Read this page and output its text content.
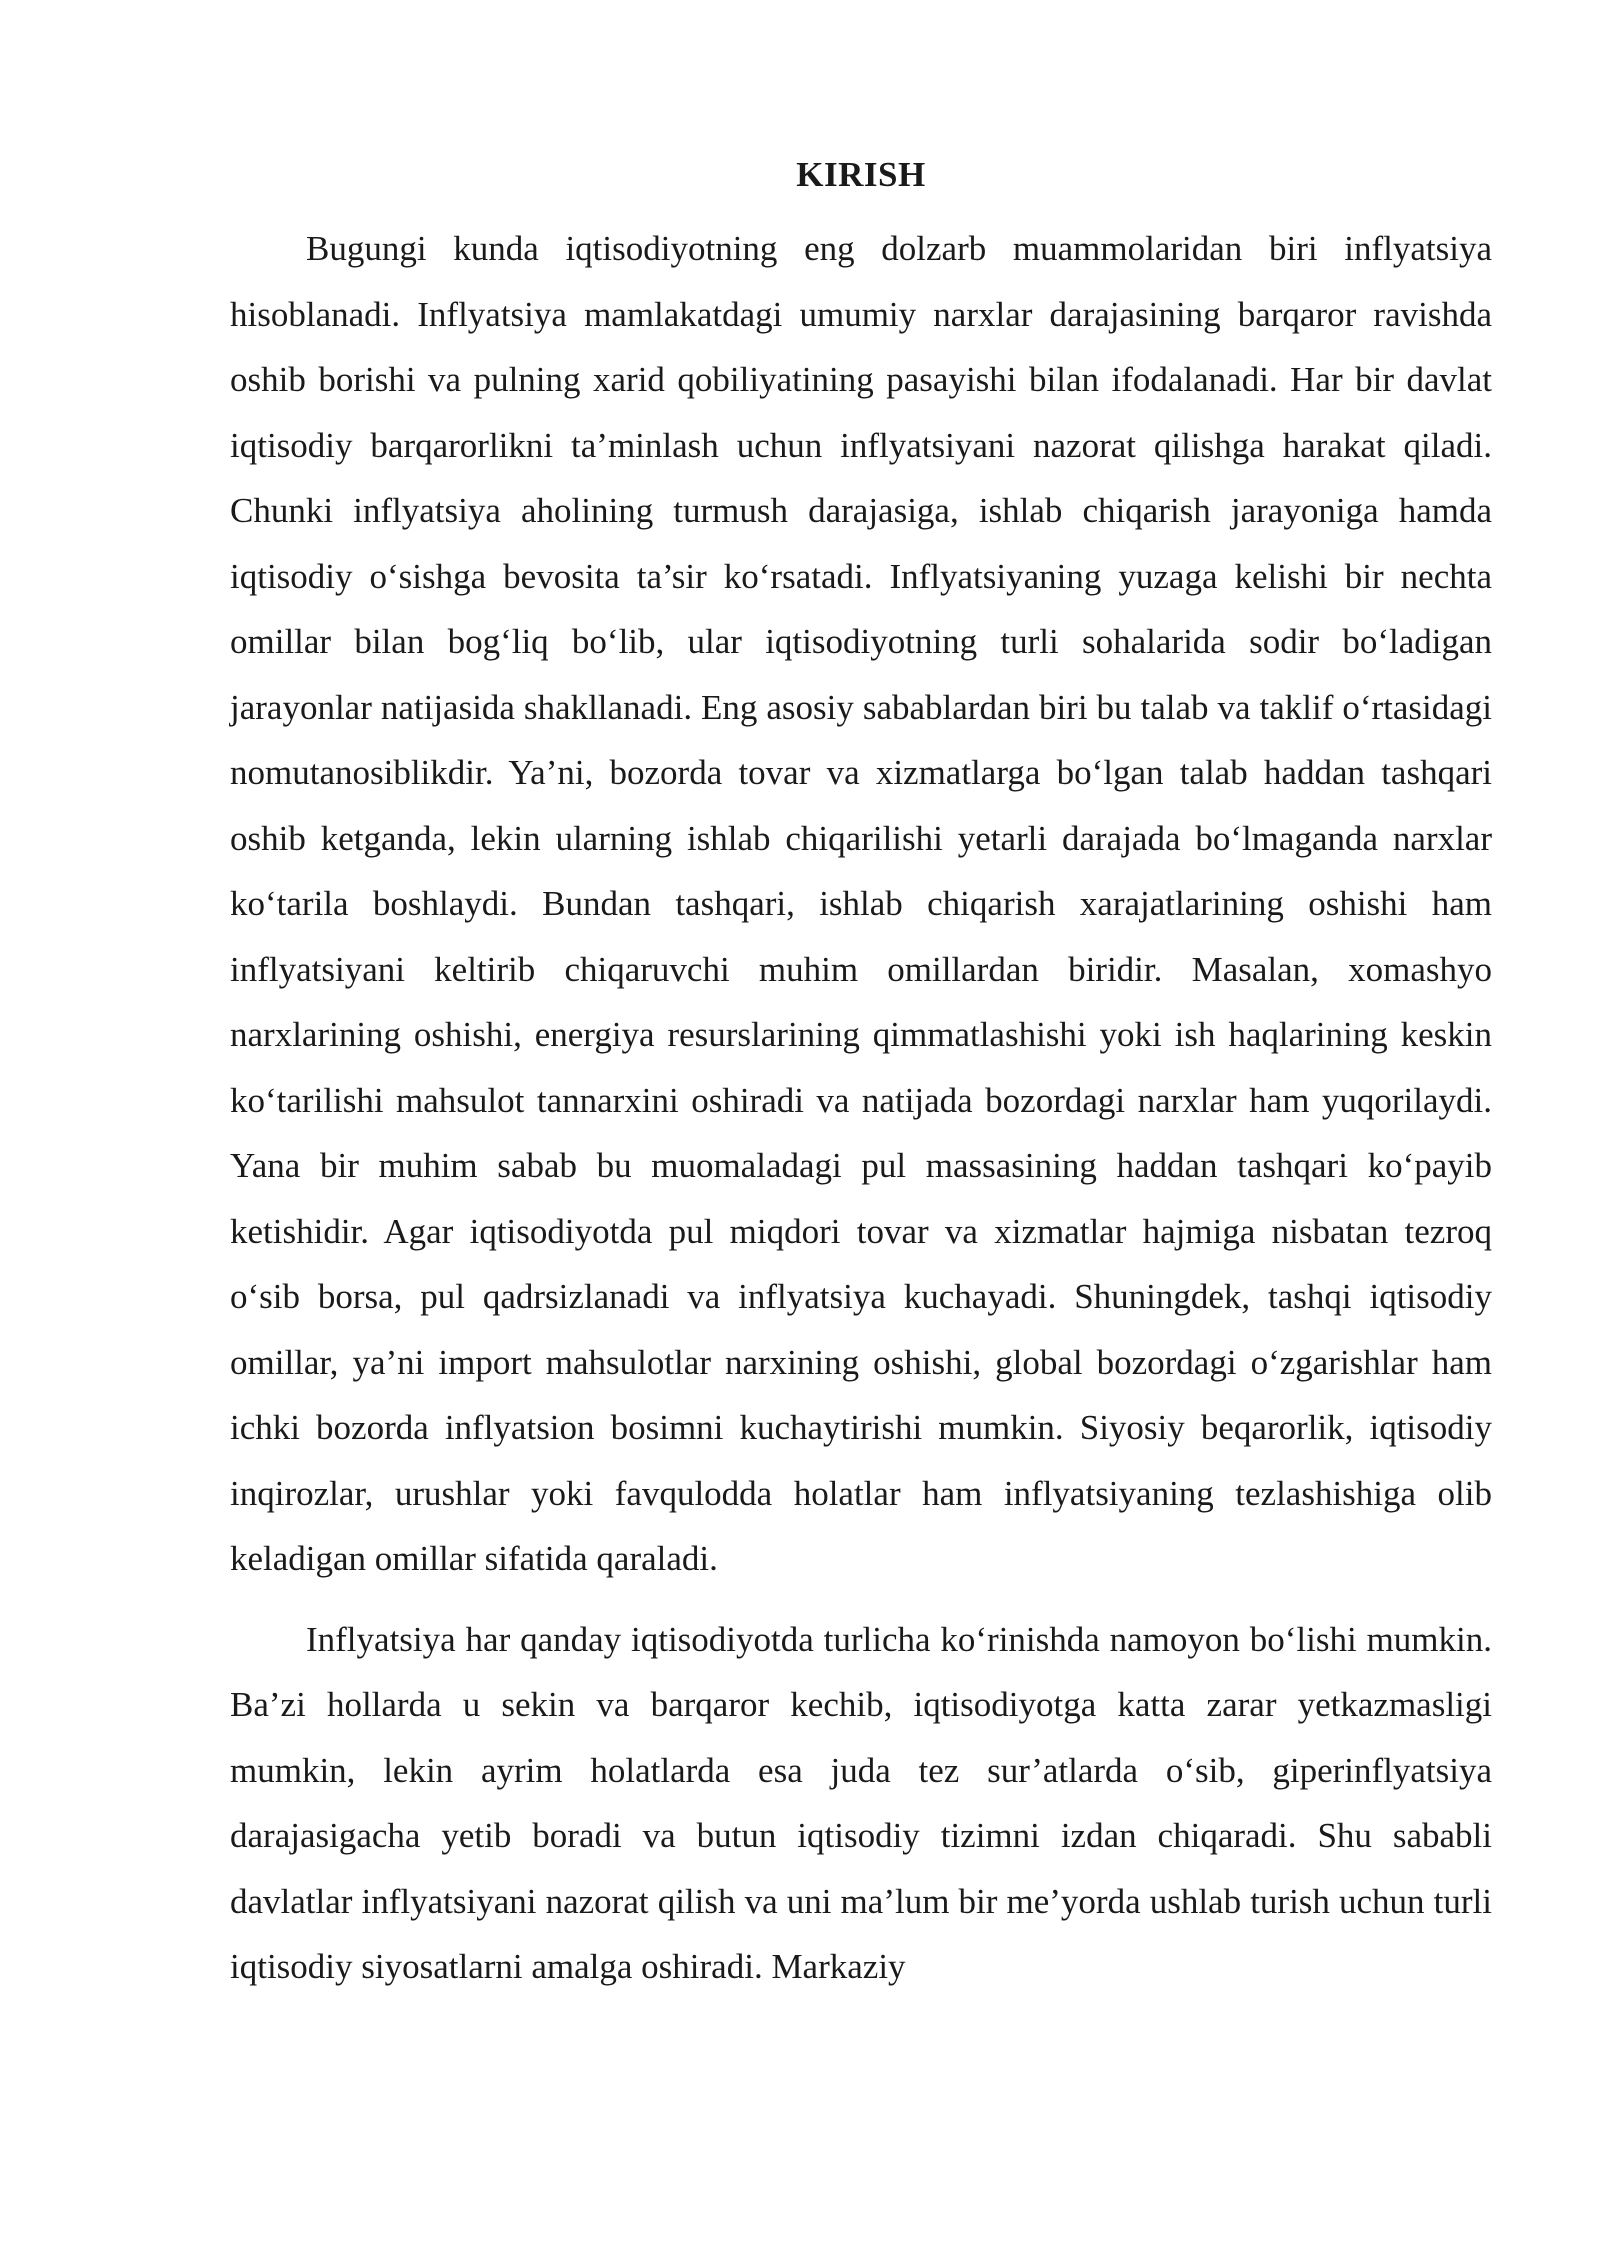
KIRISH

Bugungi kunda iqtisodiyotning eng dolzarb muammolaridan biri inflyatsiya hisoblanadi. Inflyatsiya mamlakatdagi umumiy narxlar darajasining barqaror ravishda oshib borishi va pulning xarid qobiliyatining pasayishi bilan ifodalanadi. Har bir davlat iqtisodiy barqarorlikni ta’minlash uchun inflyatsiyani nazorat qilishga harakat qiladi. Chunki inflyatsiya aholining turmush darajasiga, ishlab chiqarish jarayoniga hamda iqtisodiy o‘sishga bevosita ta’sir ko‘rsatadi. Inflyatsiyaning yuzaga kelishi bir nechta omillar bilan bog‘liq bo‘lib, ular iqtisodiyotning turli sohalarida sodir bo‘ladigan jarayonlar natijasida shakllanadi. Eng asosiy sabablardan biri bu talab va taklif o‘rtasidagi nomutanosiblikdir. Ya’ni, bozorda tovar va xizmatlarga bo‘lgan talab haddan tashqari oshib ketganda, lekin ularning ishlab chiqarilishi yetarli darajada bo‘lmaganda narxlar ko‘tarila boshlaydi. Bundan tashqari, ishlab chiqarish xarajatlarining oshishi ham inflyatsiyani keltirib chiqaruvchi muhim omillardan biridir. Masalan, xomashyo narxlarining oshishi, energiya resurslarining qimmatlashishi yoki ish haqlarining keskin ko‘tarilishi mahsulot tannarxini oshiradi va natijada bozordagi narxlar ham yuqorilaydi. Yana bir muhim sabab bu muomaladagi pul massasining haddan tashqari ko‘payib ketishidir. Agar iqtisodiyotda pul miqdori tovar va xizmatlar hajmiga nisbatan tezroq o‘sib borsa, pul qadrsizlanadi va inflyatsiya kuchayadi. Shuningdek, tashqi iqtisodiy omillar, ya’ni import mahsulotlar narxining oshishi, global bozordagi o‘zgarishlar ham ichki bozorda inflyatsion bosimni kuchaytirishi mumkin. Siyosiy beqarorlik, iqtisodiy inqirozlar, urushlar yoki favqulodda holatlar ham inflyatsiyaning tezlashishiga olib keladigan omillar sifatida qaraladi.

Inflyatsiya har qanday iqtisodiyotda turlicha ko‘rinishda namoyon bo‘lishi mumkin. Ba’zi hollarda u sekin va barqaror kechib, iqtisodiyotga katta zarar yetkazmasligi mumkin, lekin ayrim holatlarda esa juda tez sur’atlarda o‘sib, giperinflyatsiya darajasigacha yetib boradi va butun iqtisodiy tizimni izdan chiqaradi. Shu sababli davlatlar inflyatsiyani nazorat qilish va uni ma’lum bir me’yorda ushlab turish uchun turli iqtisodiy siyosatlarni amalga oshiradi. Markaziy
